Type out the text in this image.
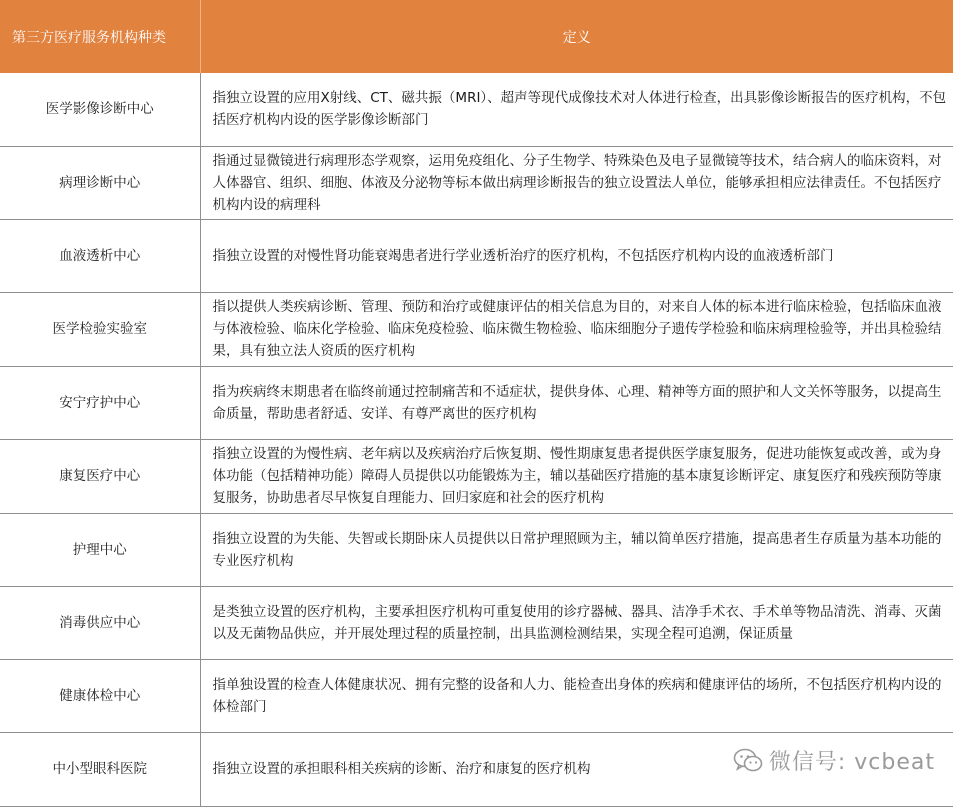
第三方医疗服务机构种类	定义
医学影像诊断中心	指独立设置的应用X射线、CT、磁共振（MRI）、超声等现代成像技术对人体进行检查，出具影像诊断报告的医疗机构，不包括医疗机构内设的医学影像诊断部门
病理诊断中心	指通过显微镜进行病理形态学观察，运用免疫组化、分子生物学、特殊染色及电子显微镜等技术，结合病人的临床资料，对人体器官、组织、细胞、体液及分泌物等标本做出病理诊断报告的独立设置法人单位，能够承担相应法律责任。不包括医疗机构内设的病理科
血液透析中心	指独立设置的对慢性肾功能衰竭患者进行学业透析治疗的医疗机构，不包括医疗机构内设的血液透析部门
医学检验实验室	指以提供人类疾病诊断、管理、预防和治疗或健康评估的相关信息为目的，对来自人体的标本进行临床检验，包括临床血液与体液检验、临床化学检验、临床免疫检验、临床微生物检验、临床细胞分子遗传学检验和临床病理检验等，并出具检验结果，具有独立法人资质的医疗机构
安宁疗护中心	指为疾病终末期患者在临终前通过控制痛苦和不适症状，提供身体、心理、精神等方面的照护和人文关怀等服务，以提高生命质量，帮助患者舒适、安详、有尊严离世的医疗机构
康复医疗中心	指独立设置的为慢性病、老年病以及疾病治疗后恢复期、慢性期康复患者提供医学康复服务，促进功能恢复或改善，或为身体功能（包括精神功能）障碍人员提供以功能锻炼为主，辅以基础医疗措施的基本康复诊断评定、康复医疗和残疾预防等康复服务，协助患者尽早恢复自理能力、回归家庭和社会的医疗机构
护理中心	指独立设置的为失能、失智或长期卧床人员提供以日常护理照顾为主，辅以简单医疗措施，提高患者生存质量为基本功能的专业医疗机构
消毒供应中心	是类独立设置的医疗机构，主要承担医疗机构可重复使用的诊疗器械、器具、洁净手术衣、手术单等物品清洗、消毒、灭菌以及无菌物品供应，并开展处理过程的质量控制，出具监测检测结果，实现全程可追溯，保证质量
健康体检中心	指单独设置的检查人体健康状况、拥有完整的设备和人力、能检查出身体的疾病和健康评估的场所，不包括医疗机构内设的体检部门
中小型眼科医院	指独立设置的承担眼科相关疾病的诊断、治疗和康复的医疗机构	微信号: vcbeat
